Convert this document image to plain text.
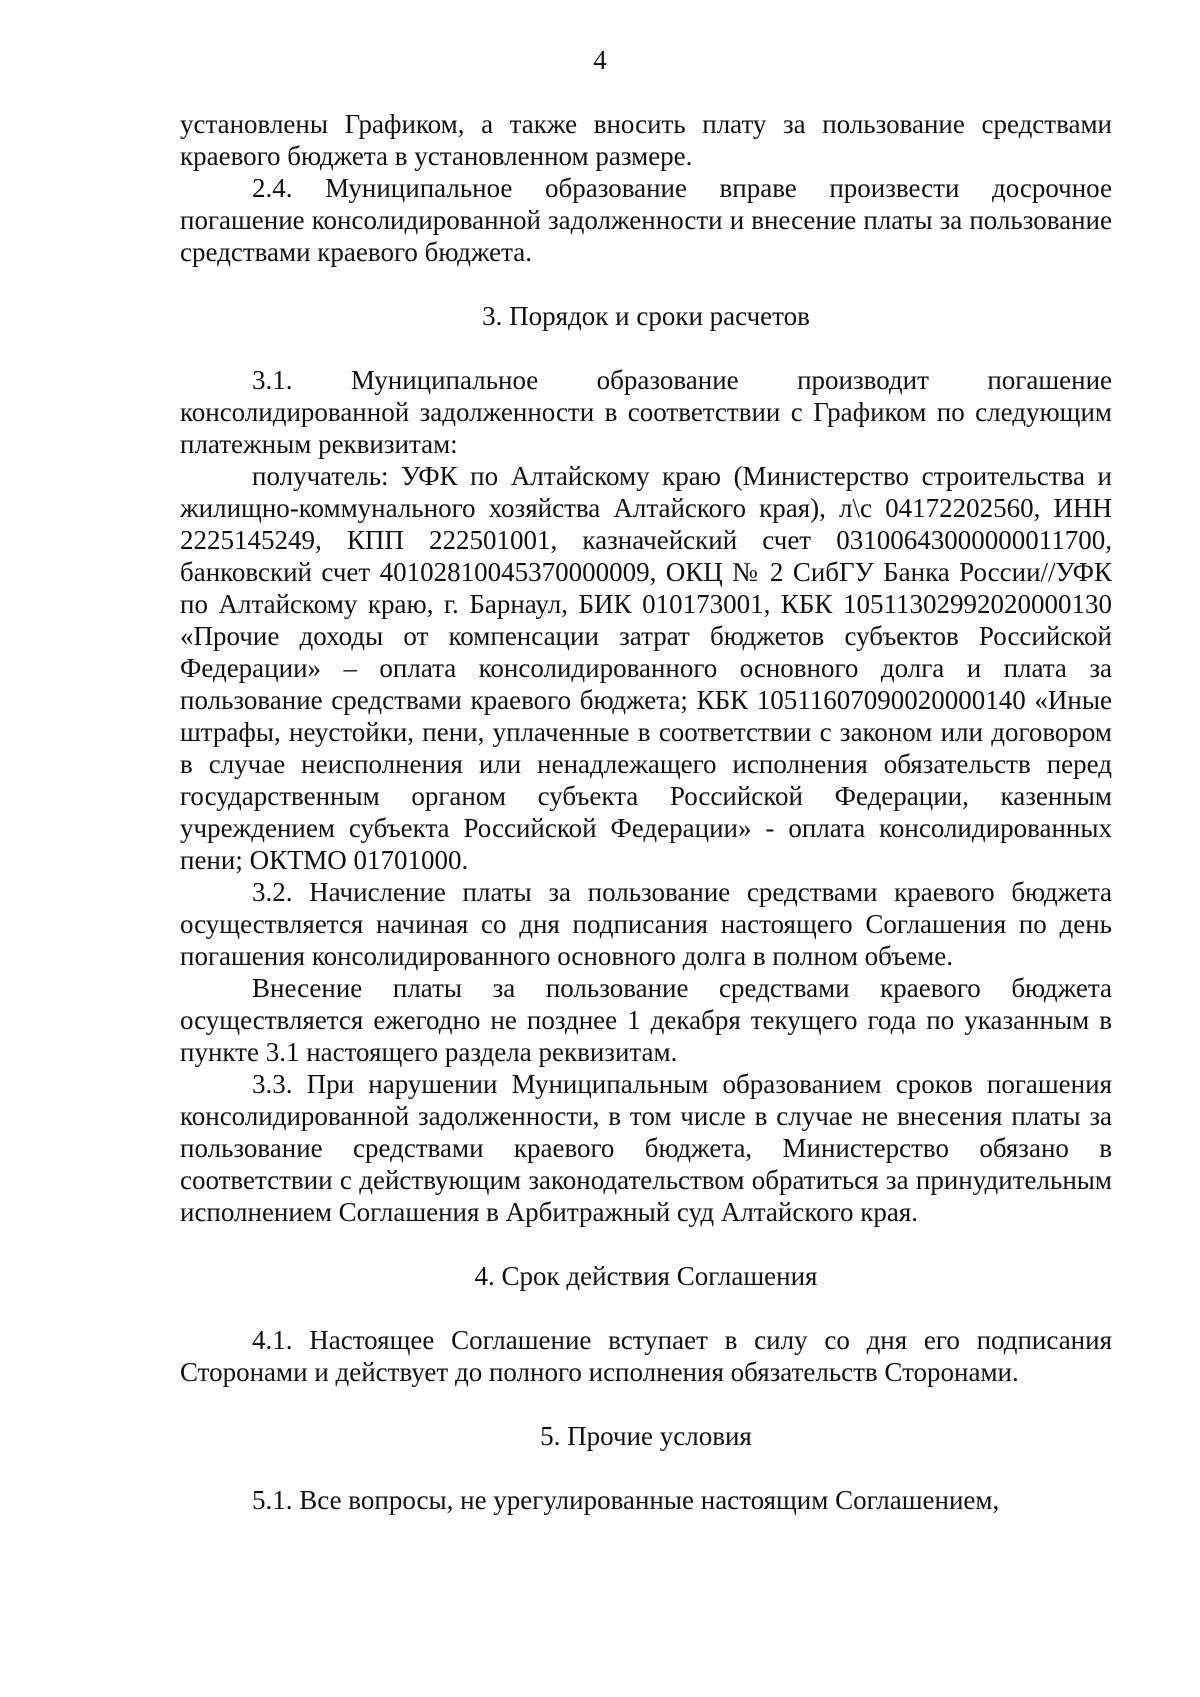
4

установлены Графиком, а также вносить плату за пользование средствами краевого бюджета в установленном размере.

2.4. Муниципальное образование вправе произвести досрочное погашение консолидированной задолженности и внесение платы за пользование средствами краевого бюджета.

3. Порядок и сроки расчетов

3.1. Муниципальное образование производит погашение консолидированной задолженности в соответствии с Графиком по следующим платежным реквизитам:

получатель: УФК по Алтайскому краю (Министерство строительства и жилищно-коммунального хозяйства Алтайского края), л\с 04172202560, ИНН 2225145249, КПП 222501001, казначейский счет 03100643000000011700, банковский счет 40102810045370000009, ОКЦ № 2 СибГУ Банка России//УФК по Алтайскому краю, г. Барнаул, БИК 010173001, КБК 10511302992020000130 «Прочие доходы от компенсации затрат бюджетов субъектов Российской Федерации» – оплата консолидированного основного долга и плата за пользование средствами краевого бюджета; КБК 10511607090020000140 «Иные штрафы, неустойки, пени, уплаченные в соответствии с законом или договором в случае неисполнения или ненадлежащего исполнения обязательств перед государственным органом субъекта Российской Федерации, казенным учреждением субъекта Российской Федерации» - оплата консолидированных пени; ОКТМО 01701000.

3.2. Начисление платы за пользование средствами краевого бюджета осуществляется начиная со дня подписания настоящего Соглашения по день погашения консолидированного основного долга в полном объеме.

Внесение платы за пользование средствами краевого бюджета осуществляется ежегодно не позднее 1 декабря текущего года по указанным в пункте 3.1 настоящего раздела реквизитам.

3.3. При нарушении Муниципальным образованием сроков погашения консолидированной задолженности, в том числе в случае не внесения платы за пользование средствами краевого бюджета, Министерство обязано в соответствии с действующим законодательством обратиться за принудительным исполнением Соглашения в Арбитражный суд Алтайского края.

4. Срок действия Соглашения

4.1. Настоящее Соглашение вступает в силу со дня его подписания Сторонами и действует до полного исполнения обязательств Сторонами.

5. Прочие условия

5.1. Все вопросы, не урегулированные настоящим Соглашением,
